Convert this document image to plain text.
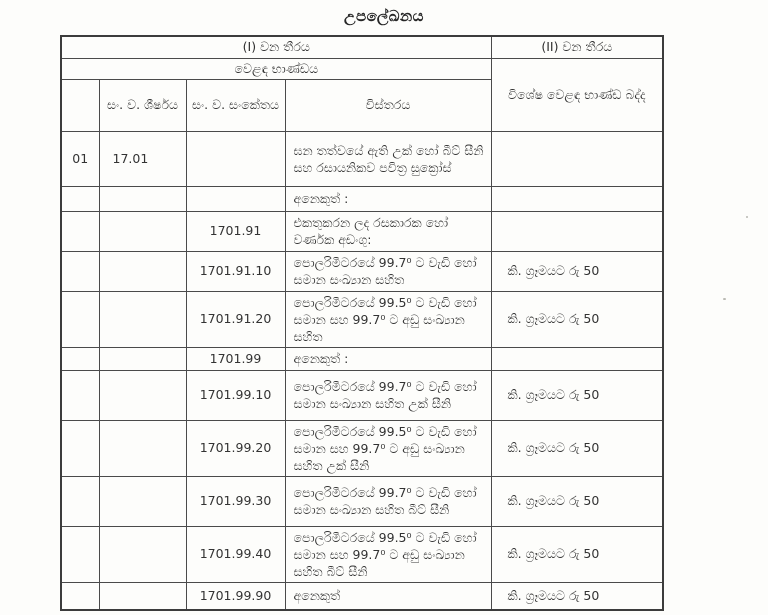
උපලේඛනය
(I) වන තීරය				(II) වන තීරය
වෙළඳ භාණ්ඩය				විශේෂ වෙළඳ භාණ්ඩ බද්ද
	සං. ව. ශීර්ෂය	සං. ව. සංකේතය	විස්තරය	
01	17.01		ඝන තත්වයේ ඇති උක් හෝ බීට් සීනි සහ රසායනිකව පවිත්‍ර සුක්‍රෝස්	
			අනෙකුත් :	
		1701.91	එකතුකරන ලද රසකාරක හෝ වර්ණක අඩංගු:	
		1701.91.10	පොලරිමීටරයේ 99.7⁰ ට වැඩි හෝ සමාන සංඛ්‍යාන සහිත	කි. ග්‍රෑමයට රු 50
		1701.91.20	පොලරිමීටරයේ 99.5⁰ ට වැඩි හෝ සමාන සහ 99.7⁰ ට අඩු සංඛ්‍යාන සහිත	කි. ග්‍රෑමයට රු 50
		1701.99	අනෙකුත් :	
		1701.99.10	පොලරිමීටරයේ 99.7⁰ ට වැඩි හෝ සමාන සංඛ්‍යාන සහිත උක් සීනි	කි. ග්‍රෑමයට රු 50
		1701.99.20	පොලරිමීටරයේ 99.5⁰ ට වැඩි හෝ සමාන සහ 99.7⁰ ට අඩු සංඛ්‍යාන සහිත උක් සීනි	කි. ග්‍රෑමයට රු 50
		1701.99.30	පොලරිමීටරයේ 99.7⁰ ට වැඩි හෝ සමාන සංඛ්‍යාන සහිත බීට් සීනි	කි. ග්‍රෑමයට රු 50
		1701.99.40	පොලරිමීටරයේ 99.5⁰ ට වැඩි හෝ සමාන සහ 99.7⁰ ට අඩු සංඛ්‍යාන සහිත බීට් සීනි	කි. ග්‍රෑමයට රු 50
		1701.99.90	අනෙකුත්	කි. ග්‍රෑමයට රු 50
